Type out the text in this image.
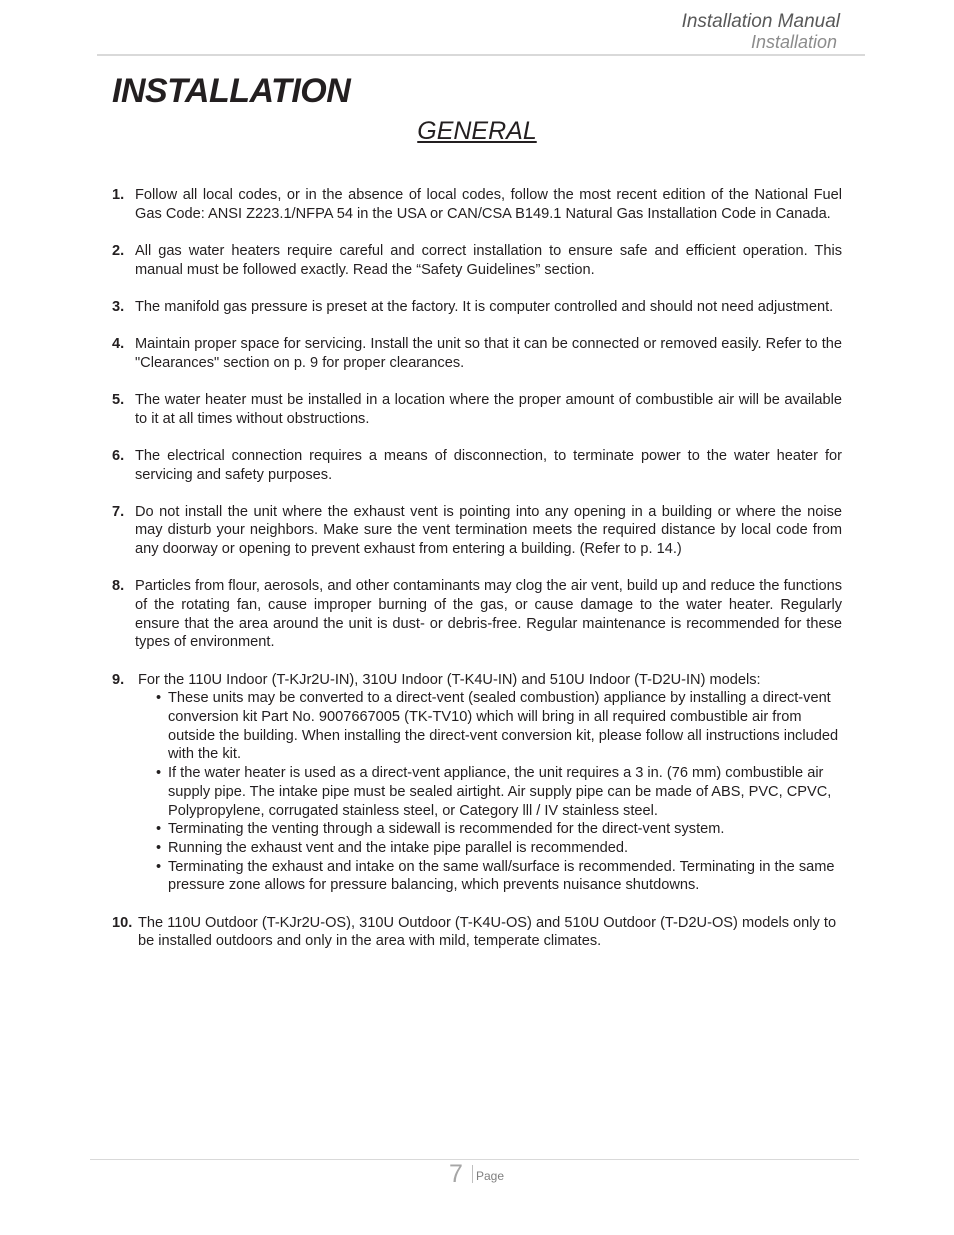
Installation Manual
Installation
INSTALLATION
GENERAL
1. Follow all local codes, or in the absence of local codes, follow the most recent edition of the National Fuel Gas Code: ANSI Z223.1/NFPA 54 in the USA or CAN/CSA B149.1 Natural Gas Installation Code in Canada.
2. All gas water heaters require careful and correct installation to ensure safe and efficient operation. This manual must be followed exactly. Read the “Safety Guidelines” section.
3. The manifold gas pressure is preset at the factory. It is computer controlled and should not need adjustment.
4. Maintain proper space for servicing. Install the unit so that it can be connected or removed easily. Refer to the "Clearances" section on p. 9 for proper clearances.
5. The water heater must be installed in a location where the proper amount of combustible air will be available to it at all times without obstructions.
6. The electrical connection requires a means of disconnection, to terminate power to the water heater for servicing and safety purposes.
7. Do not install the unit where the exhaust vent is pointing into any opening in a building or where the noise may disturb your neighbors. Make sure the vent termination meets the required distance by local code from any doorway or opening to prevent exhaust from entering a building. (Refer to p. 14.)
8. Particles from flour, aerosols, and other contaminants may clog the air vent, build up and reduce the functions of the rotating fan, cause improper burning of the gas, or cause damage to the water heater. Regularly ensure that the area around the unit is dust- or debris-free. Regular maintenance is recommended for these types of environment.
9. For the 110U Indoor (T-KJr2U-IN), 310U Indoor (T-K4U-IN) and 510U Indoor (T-D2U-IN) models:
• These units may be converted to a direct-vent (sealed combustion) appliance by installing a direct-vent conversion kit Part No. 9007667005 (TK-TV10) which will bring in all required combustible air from outside the building. When installing the direct-vent conversion kit, please follow all instructions included with the kit.
• If the water heater is used as a direct-vent appliance, the unit requires a 3 in. (76 mm) combustible air supply pipe. The intake pipe must be sealed airtight. Air supply pipe can be made of ABS, PVC, CPVC, Polypropylene, corrugated stainless steel, or Category lll / IV stainless steel.
• Terminating the venting through a sidewall is recommended for the direct-vent system.
• Running the exhaust vent and the intake pipe parallel is recommended.
• Terminating the exhaust and intake on the same wall/surface is recommended. Terminating in the same pressure zone allows for pressure balancing, which prevents nuisance shutdowns.
10. The 110U Outdoor (T-KJr2U-OS), 310U Outdoor (T-K4U-OS) and 510U Outdoor (T-D2U-OS) models only to be installed outdoors and only in the area with mild, temperate climates.
7 Page
